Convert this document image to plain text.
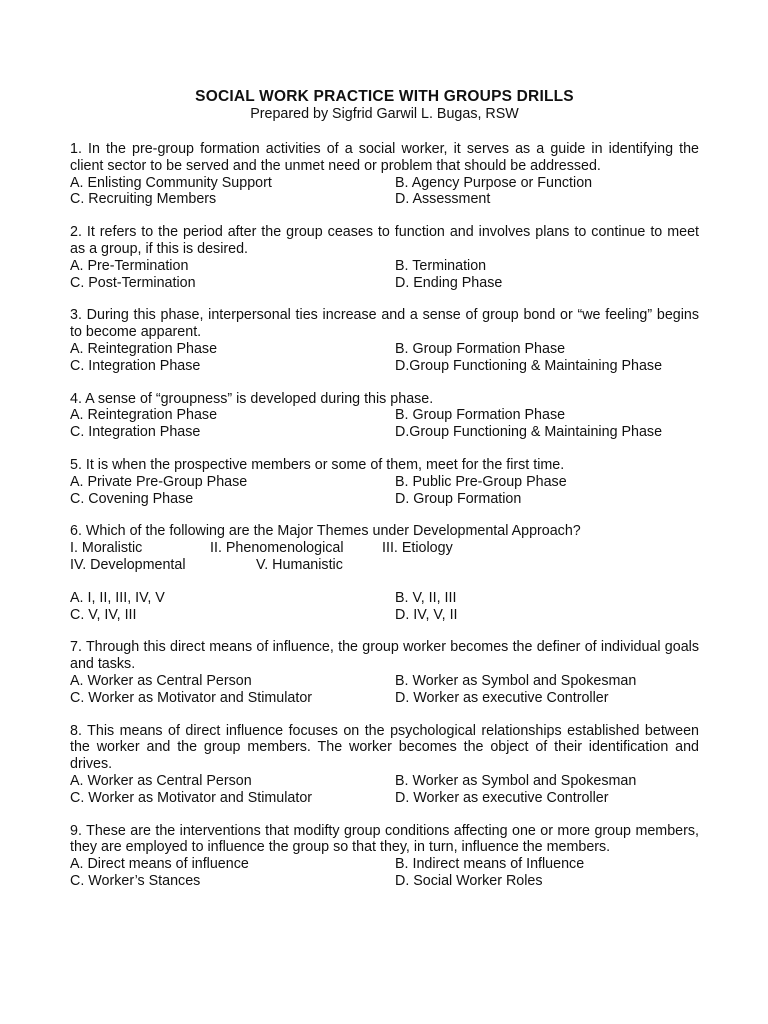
SOCIAL WORK PRACTICE WITH GROUPS DRILLS
Prepared by Sigfrid Garwil L. Bugas, RSW
1. In the pre-group formation activities of a social worker, it serves as a guide in identifying the client sector to be served and the unmet need or problem that should be addressed.
A. Enlisting Community Support	B. Agency Purpose or Function
C. Recruiting Members	D. Assessment
2. It refers to the period after the group ceases to function and involves plans to continue to meet as a group, if this is desired.
A. Pre-Termination	B. Termination
C. Post-Termination	D. Ending Phase
3. During this phase, interpersonal ties increase and a sense of group bond or “we feeling” begins to become apparent.
A. Reintegration Phase	B. Group Formation Phase
C. Integration Phase	D.Group Functioning & Maintaining Phase
4. A sense of “groupness” is developed during this phase.
A. Reintegration Phase	B. Group Formation Phase
C. Integration Phase	D.Group Functioning & Maintaining Phase
5. It is when the prospective members or some of them, meet for the first time.
A. Private Pre-Group Phase	B. Public Pre-Group Phase
C. Covening Phase	D. Group Formation
6. Which of the following are the Major Themes under Developmental Approach?
I. Moralistic	II. Phenomenological	III. Etiology
IV. Developmental	V. Humanistic
A. I, II, III, IV, V	B. V, II, III
C. V, IV, III	D. IV, V, II
7. Through this direct means of influence, the group worker becomes the definer of individual goals and tasks.
A. Worker as Central Person	B. Worker as Symbol and Spokesman
C. Worker as Motivator and Stimulator	D. Worker as executive Controller
8. This means of direct influence focuses on the psychological relationships established between the worker and the group members. The worker becomes the object of their identification and drives.
A. Worker as Central Person	B. Worker as Symbol and Spokesman
C. Worker as Motivator and Stimulator	D. Worker as executive Controller
9. These are the interventions that modifty group conditions affecting one or more group members, they are employed to influence the group so that they, in turn, influence the members.
A. Direct means of influence	B. Indirect means of Influence
C. Worker’s Stances	D. Social Worker Roles
